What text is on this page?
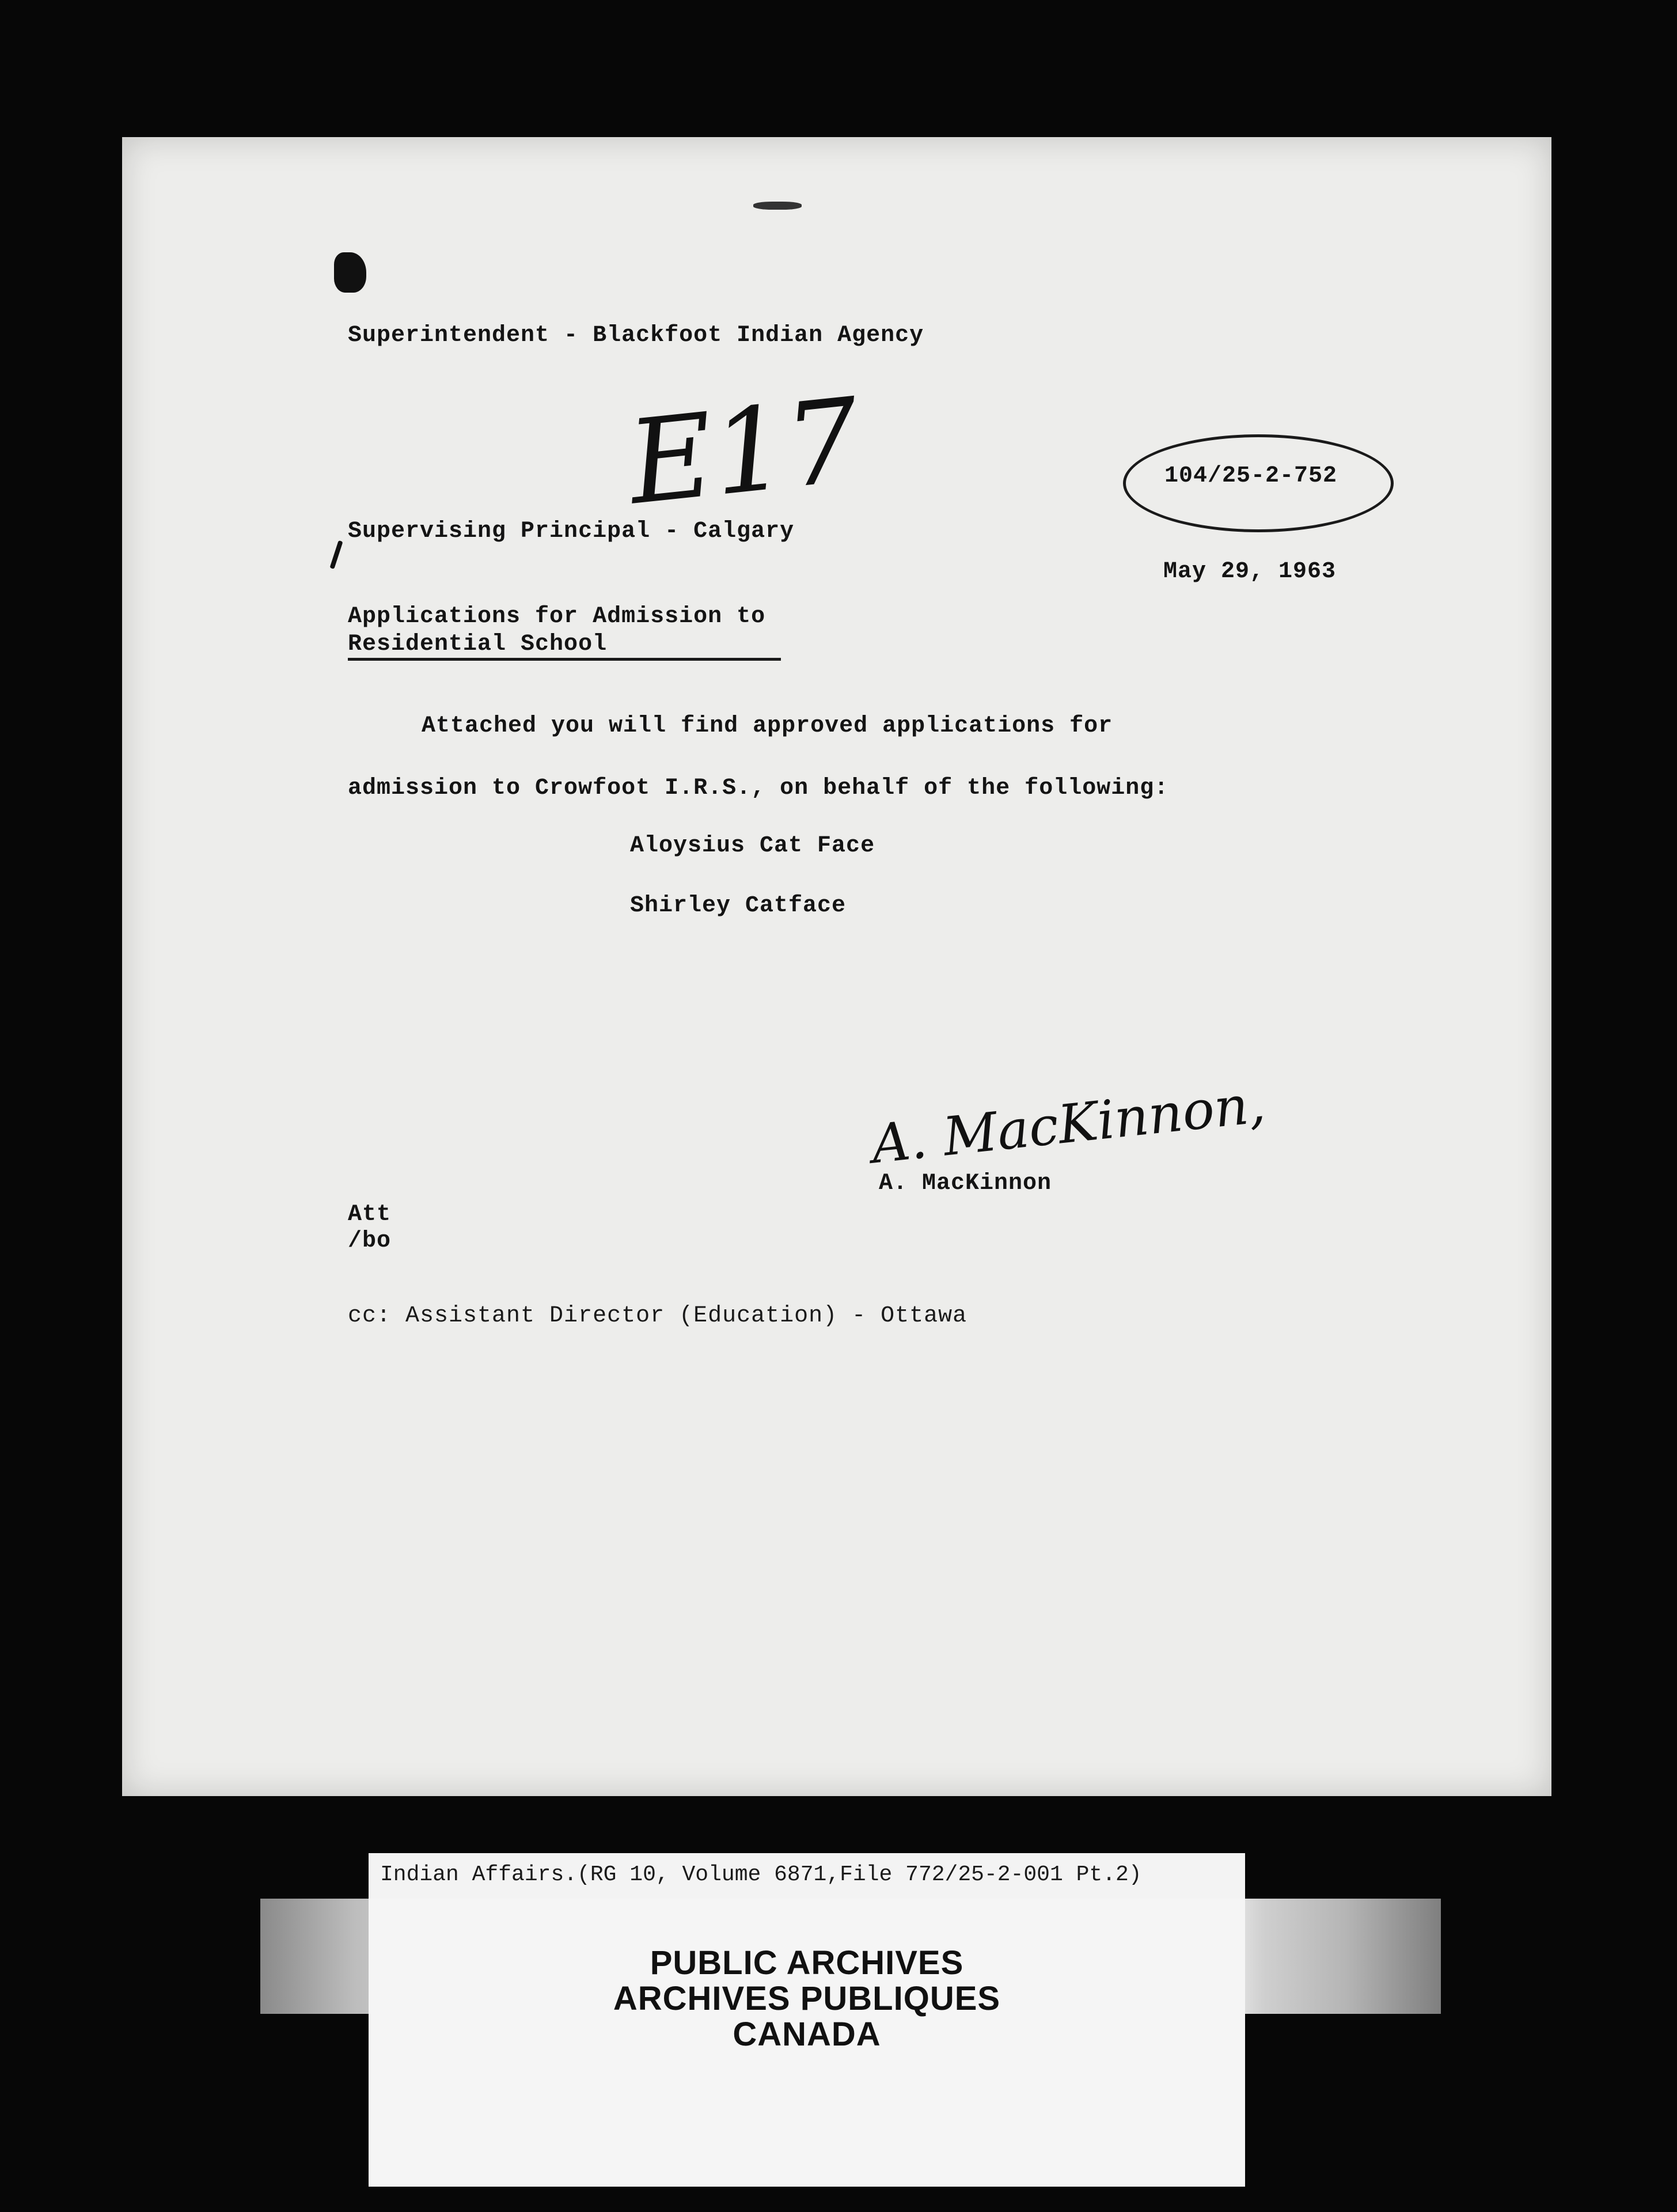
Superintendent - Blackfoot Indian Agency
E17	104/25-2-752
Supervising Principal - Calgary
May 29, 1963
Applications for Admission to
Residential School
Attached you will find approved applications for
admission to Crowfoot I.R.S., on behalf of the following:
Aloysius Cat Face
Shirley Catface
A. MacKinnon,
A. MacKinnon
Att
/bo
cc: Assistant Director (Education) - Ottawa
Indian Affairs.(RG 10, Volume 6871,File 772/25-2-001 Pt.2)
PUBLIC ARCHIVES
ARCHIVES PUBLIQUES
CANADA
